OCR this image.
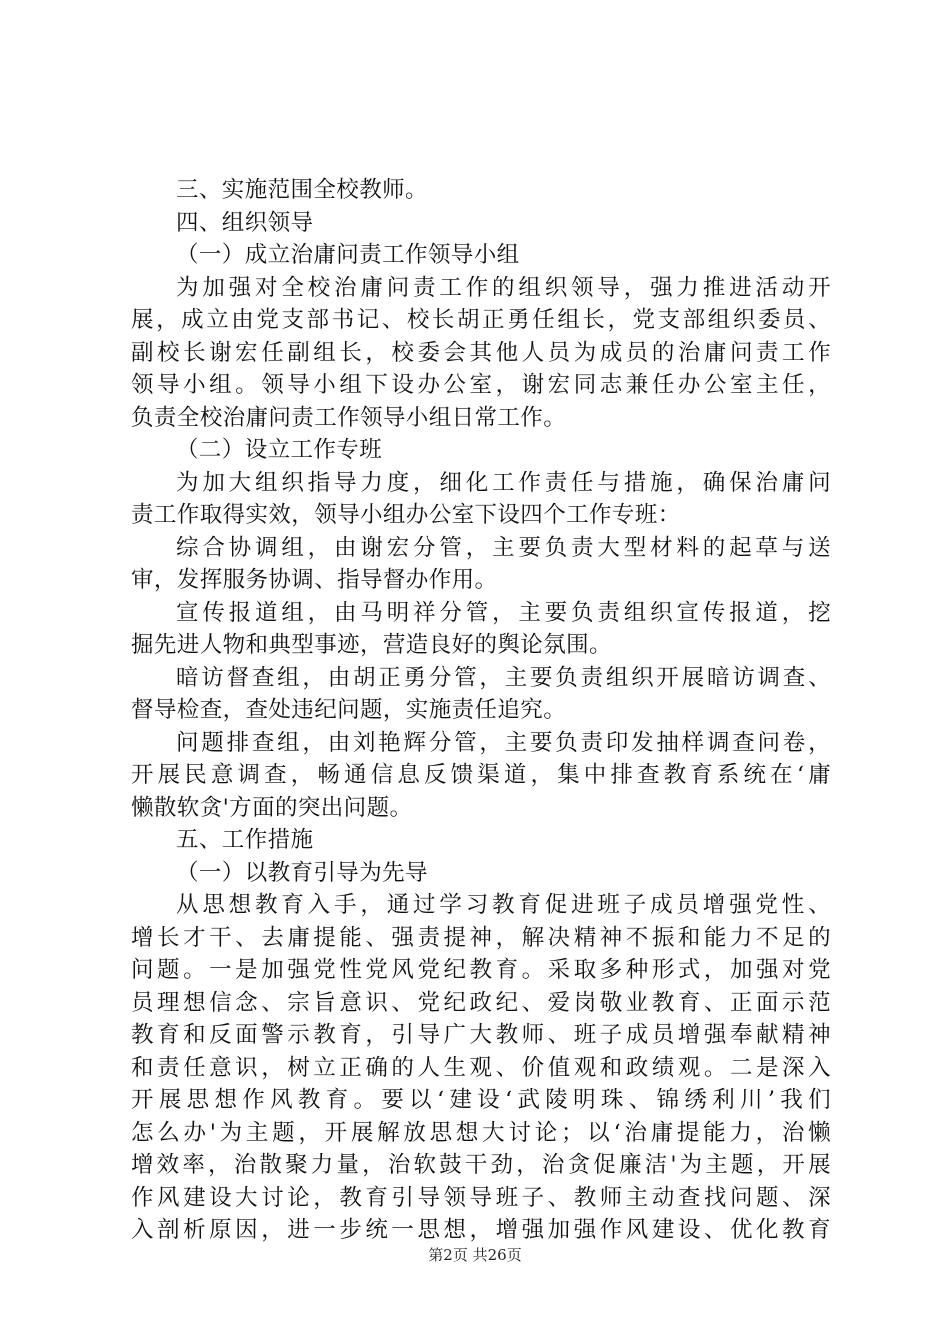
三、实施范围全校教师。
四、组织领导
（一）成立治庸问责工作领导小组
为加强对全校治庸问责工作的组织领导，强力推进活动开
展，成立由党支部书记、校长胡正勇任组长，党支部组织委员、
副校长谢宏任副组长，校委会其他人员为成员的治庸问责工作
领导小组。领导小组下设办公室，谢宏同志兼任办公室主任，
负责全校治庸问责工作领导小组日常工作。
（二）设立工作专班
为加大组织指导力度，细化工作责任与措施，确保治庸问
责工作取得实效，领导小组办公室下设四个工作专班：
综合协调组，由谢宏分管，主要负责大型材料的起草与送
审，发挥服务协调、指导督办作用。
宣传报道组，由马明祥分管，主要负责组织宣传报道，挖
掘先进人物和典型事迹，营造良好的舆论氛围。
暗访督查组，由胡正勇分管，主要负责组织开展暗访调查、
督导检查，查处违纪问题，实施责任追究。
问题排查组，由刘艳辉分管，主要负责印发抽样调查问卷，
开展民意调查，畅通信息反馈渠道，集中排查教育系统在‘庸
懒散软贪'方面的突出问题。
五、工作措施
（一）以教育引导为先导
从思想教育入手，通过学习教育促进班子成员增强党性、
增长才干、去庸提能、强责提神，解决精神不振和能力不足的
问题。一是加强党性党风党纪教育。采取多种形式，加强对党
员理想信念、宗旨意识、党纪政纪、爱岗敬业教育、正面示范
教育和反面警示教育，引导广大教师、班子成员增强奉献精神
和责任意识，树立正确的人生观、价值观和政绩观。二是深入
开展思想作风教育。要以‘建设‘武陵明珠、锦绣利川’我们
怎么办'为主题，开展解放思想大讨论；以‘治庸提能力，治懒
增效率，治散聚力量，治软鼓干劲，治贪促廉洁'为主题，开展
作风建设大讨论，教育引导领导班子、教师主动查找问题、深
入剖析原因，进一步统一思想，增强加强作风建设、优化教育
第2页 共26页
